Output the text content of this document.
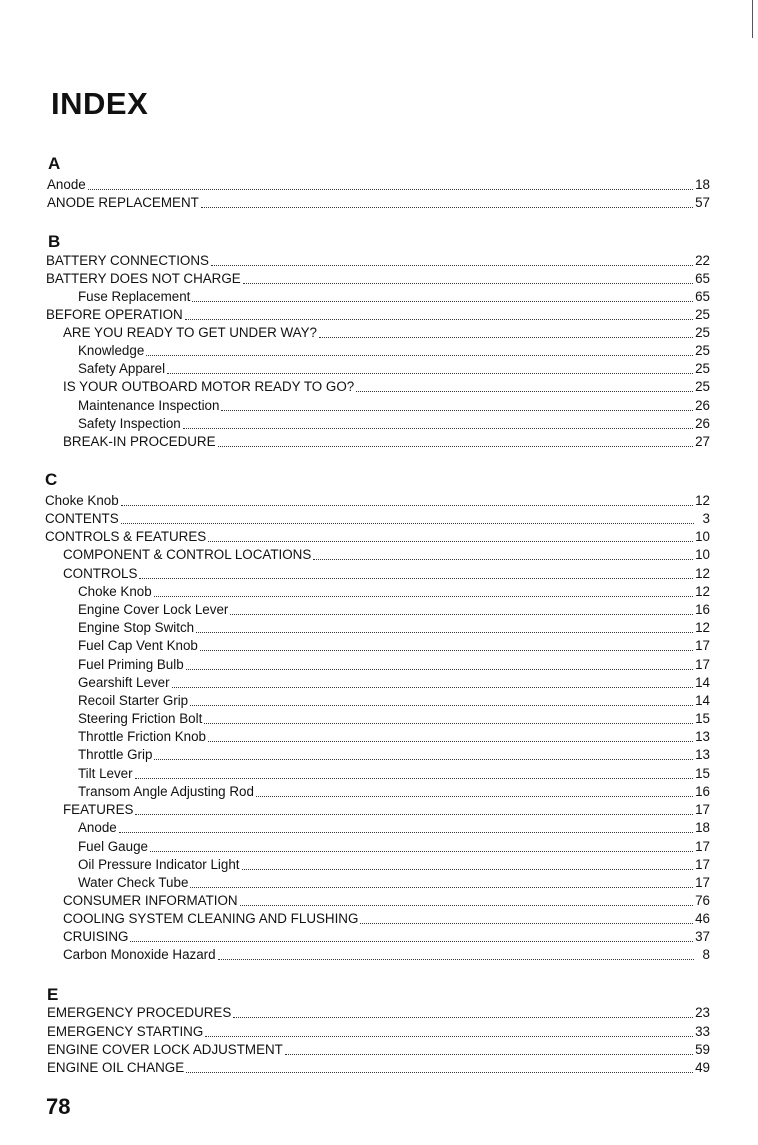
INDEX
A
Anode	18
ANODE REPLACEMENT	57
B
BATTERY CONNECTIONS	22
BATTERY DOES NOT CHARGE	65
Fuse Replacement	65
BEFORE OPERATION	25
ARE YOU READY TO GET UNDER WAY?	25
Knowledge	25
Safety Apparel	25
IS YOUR OUTBOARD MOTOR READY TO GO?	25
Maintenance Inspection	26
Safety Inspection	26
BREAK-IN PROCEDURE	27
C
Choke Knob	12
CONTENTS	3
CONTROLS & FEATURES	10
COMPONENT & CONTROL LOCATIONS	10
CONTROLS	12
Choke Knob	12
Engine Cover Lock Lever	16
Engine Stop Switch	12
Fuel Cap Vent Knob	17
Fuel Priming Bulb	17
Gearshift Lever	14
Recoil Starter Grip	14
Steering Friction Bolt	15
Throttle Friction Knob	13
Throttle Grip	13
Tilt Lever	15
Transom Angle Adjusting Rod	16
FEATURES	17
Anode	18
Fuel Gauge	17
Oil Pressure Indicator Light	17
Water Check Tube	17
CONSUMER INFORMATION	76
COOLING SYSTEM CLEANING AND FLUSHING	46
CRUISING	37
Carbon Monoxide Hazard	8
E
EMERGENCY PROCEDURES	23
EMERGENCY STARTING	33
ENGINE COVER LOCK ADJUSTMENT	59
ENGINE OIL CHANGE	49
78
